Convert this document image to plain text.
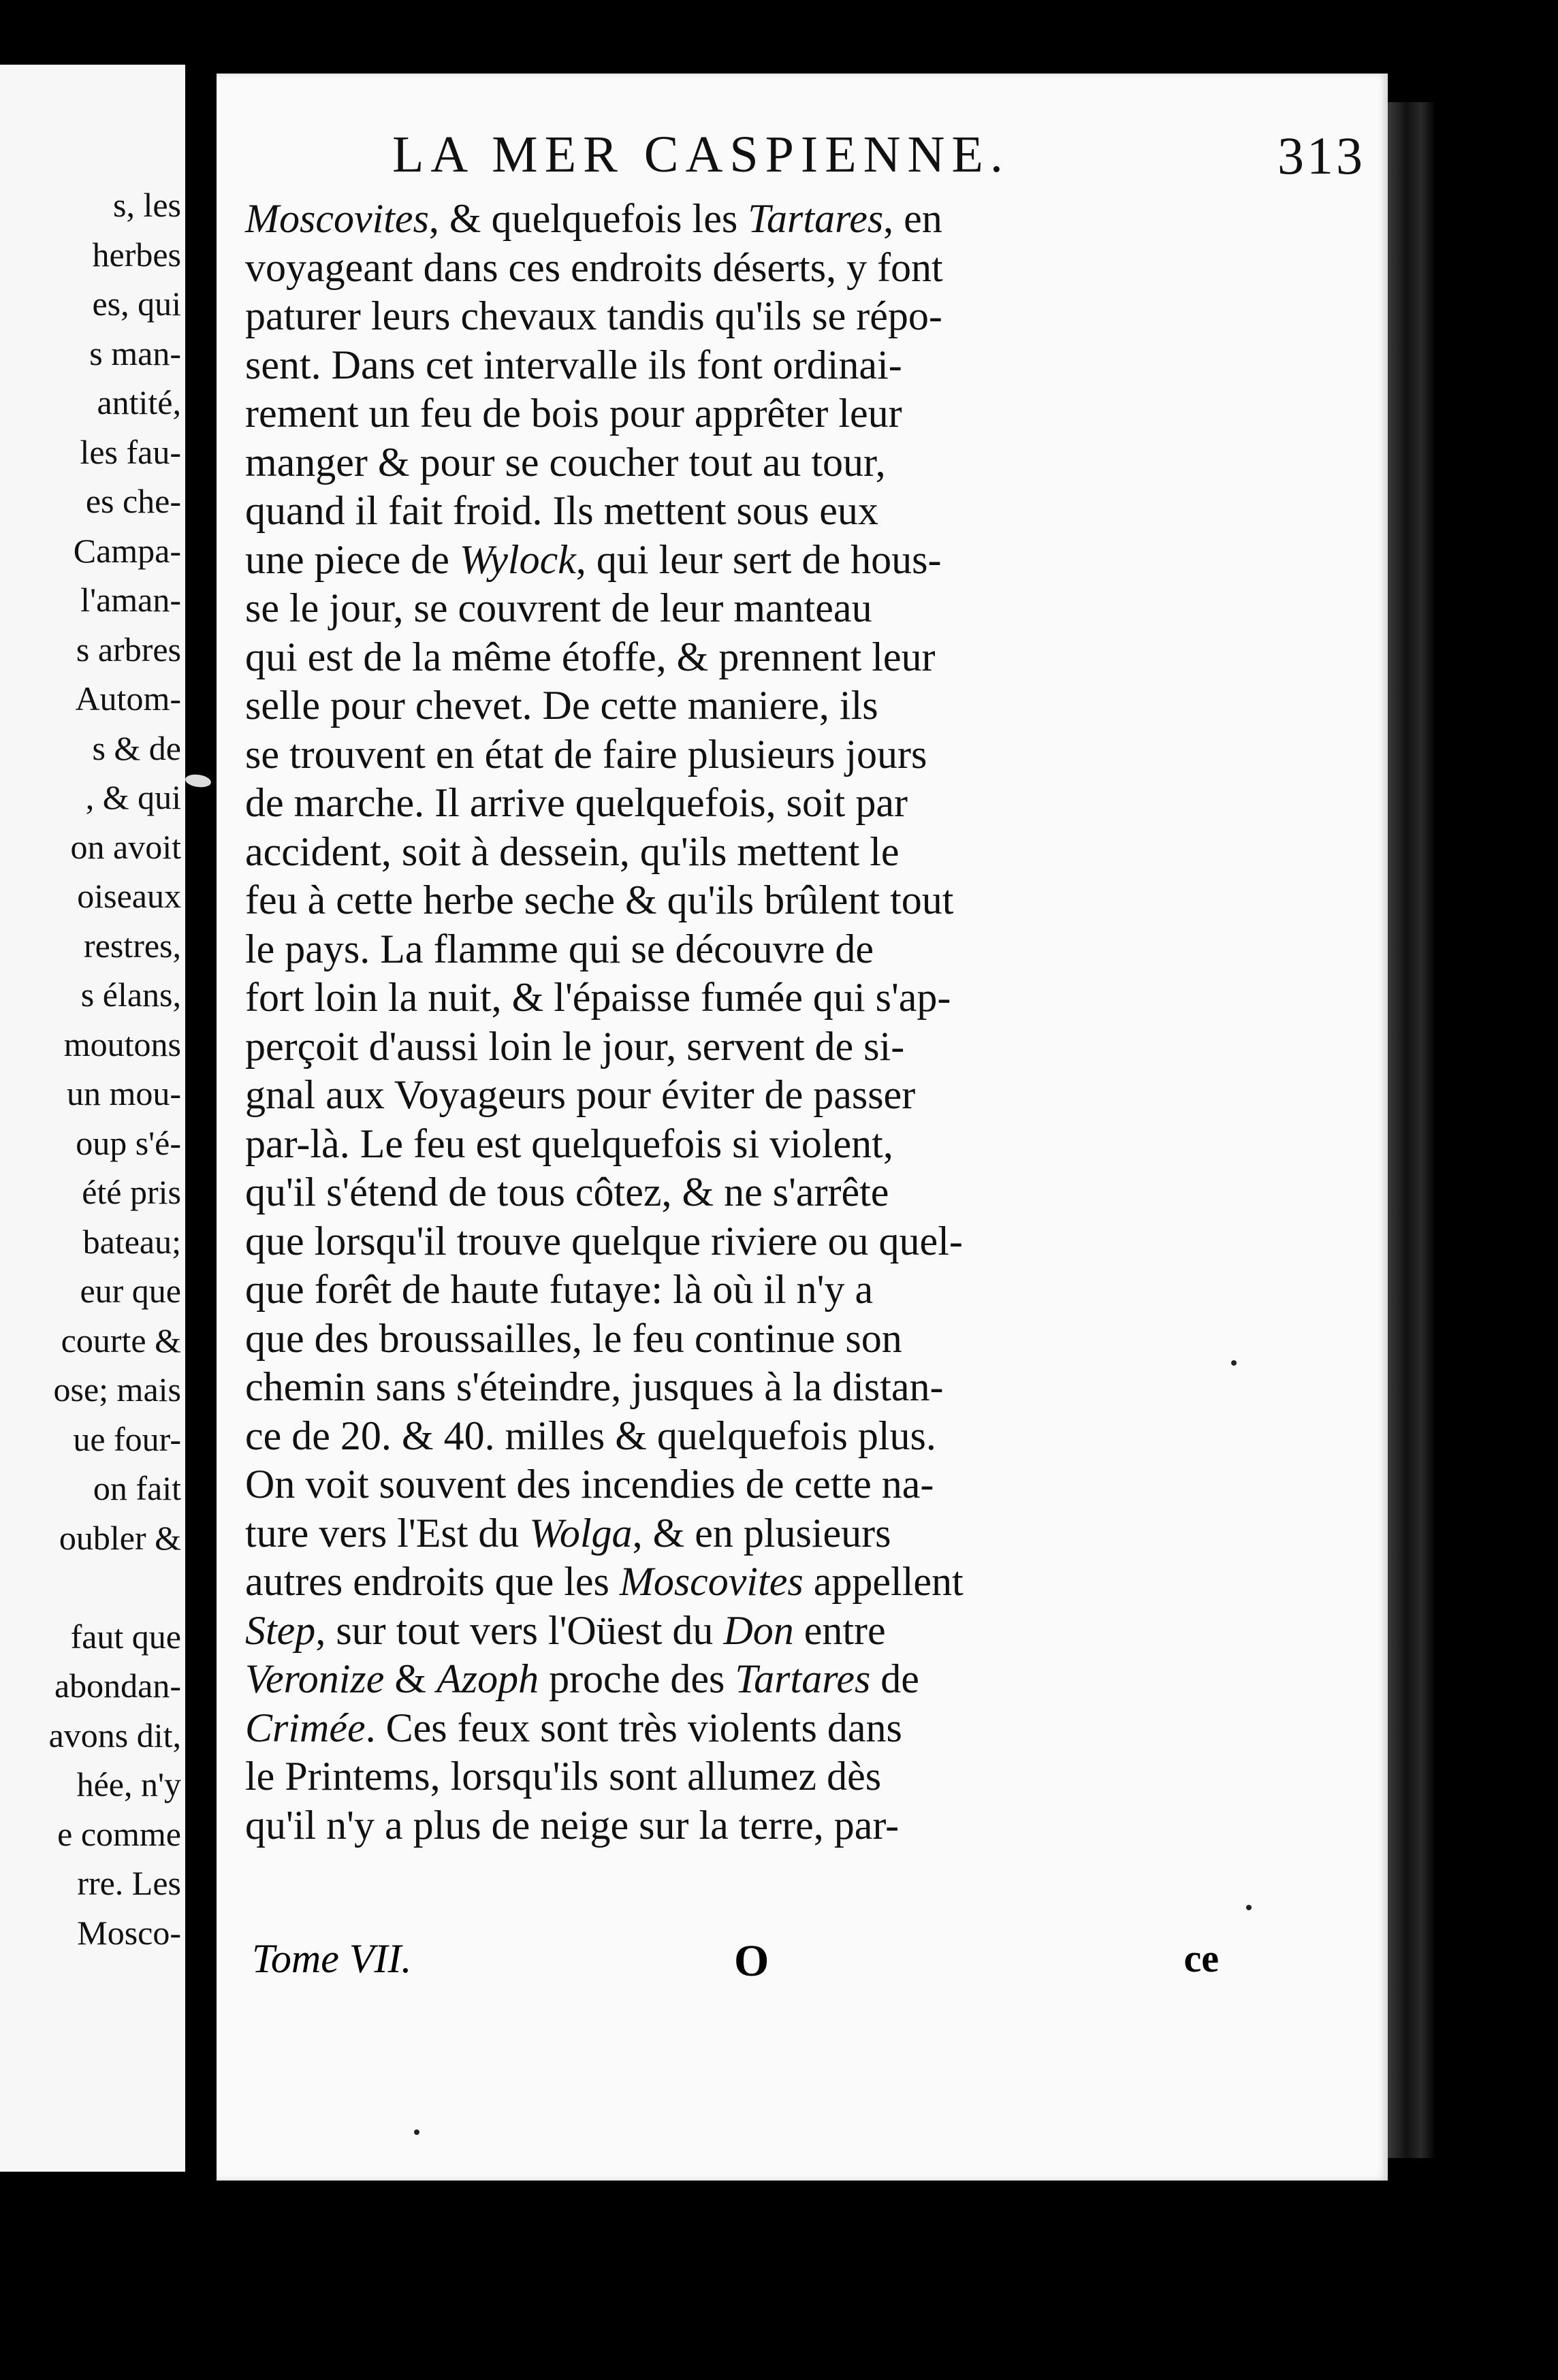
s, les
herbes
es, qui
s man-
antité,
les fau-
es che-
Campa-
l'aman-
s arbres
Autom-
s & de
, & qui
on avoit
oiseaux
restres,
s élans,
moutons
un mou-
oup s'é-
été pris
bateau;
eur que
courte &
ose; mais
ue four-
on fait
oubler &
faut que
abondan-
avons dit,
hée, n'y
e comme
rre. Les
Mosco-
LA MER CASPIENNE.	313
Moscovites, & quelquefois les Tartares, en
voyageant dans ces endroits déserts, y font
paturer leurs chevaux tandis qu'ils se répo-
sent. Dans cet intervalle ils font ordinai-
rement un feu de bois pour apprêter leur
manger & pour se coucher tout au tour,
quand il fait froid. Ils mettent sous eux
une piece de Wylock, qui leur sert de hous-
se le jour, se couvrent de leur manteau
qui est de la même étoffe, & prennent leur
selle pour chevet. De cette maniere, ils
se trouvent en état de faire plusieurs jours
de marche. Il arrive quelquefois, soit par
accident, soit à dessein, qu'ils mettent le
feu à cette herbe seche & qu'ils brûlent tout
le pays. La flamme qui se découvre de
fort loin la nuit, & l'épaisse fumée qui s'ap-
perçoit d'aussi loin le jour, servent de si-
gnal aux Voyageurs pour éviter de passer
par-là. Le feu est quelquefois si violent,
qu'il s'étend de tous côtez, & ne s'arrête
que lorsqu'il trouve quelque riviere ou quel-
que forêt de haute futaye: là où il n'y a
que des broussailles, le feu continue son
chemin sans s'éteindre, jusques à la distan-
ce de 20. & 40. milles & quelquefois plus.
On voit souvent des incendies de cette na-
ture vers l'Est du Wolga, & en plusieurs
autres endroits que les Moscovites appellent
Step, sur tout vers l'Oüest du Don entre
Veronize & Azoph proche des Tartares de
Crimée. Ces feux sont très violents dans
le Printems, lorsqu'ils sont allumez dès
qu'il n'y a plus de neige sur la terre, par-
Tome VII.	O	ce
